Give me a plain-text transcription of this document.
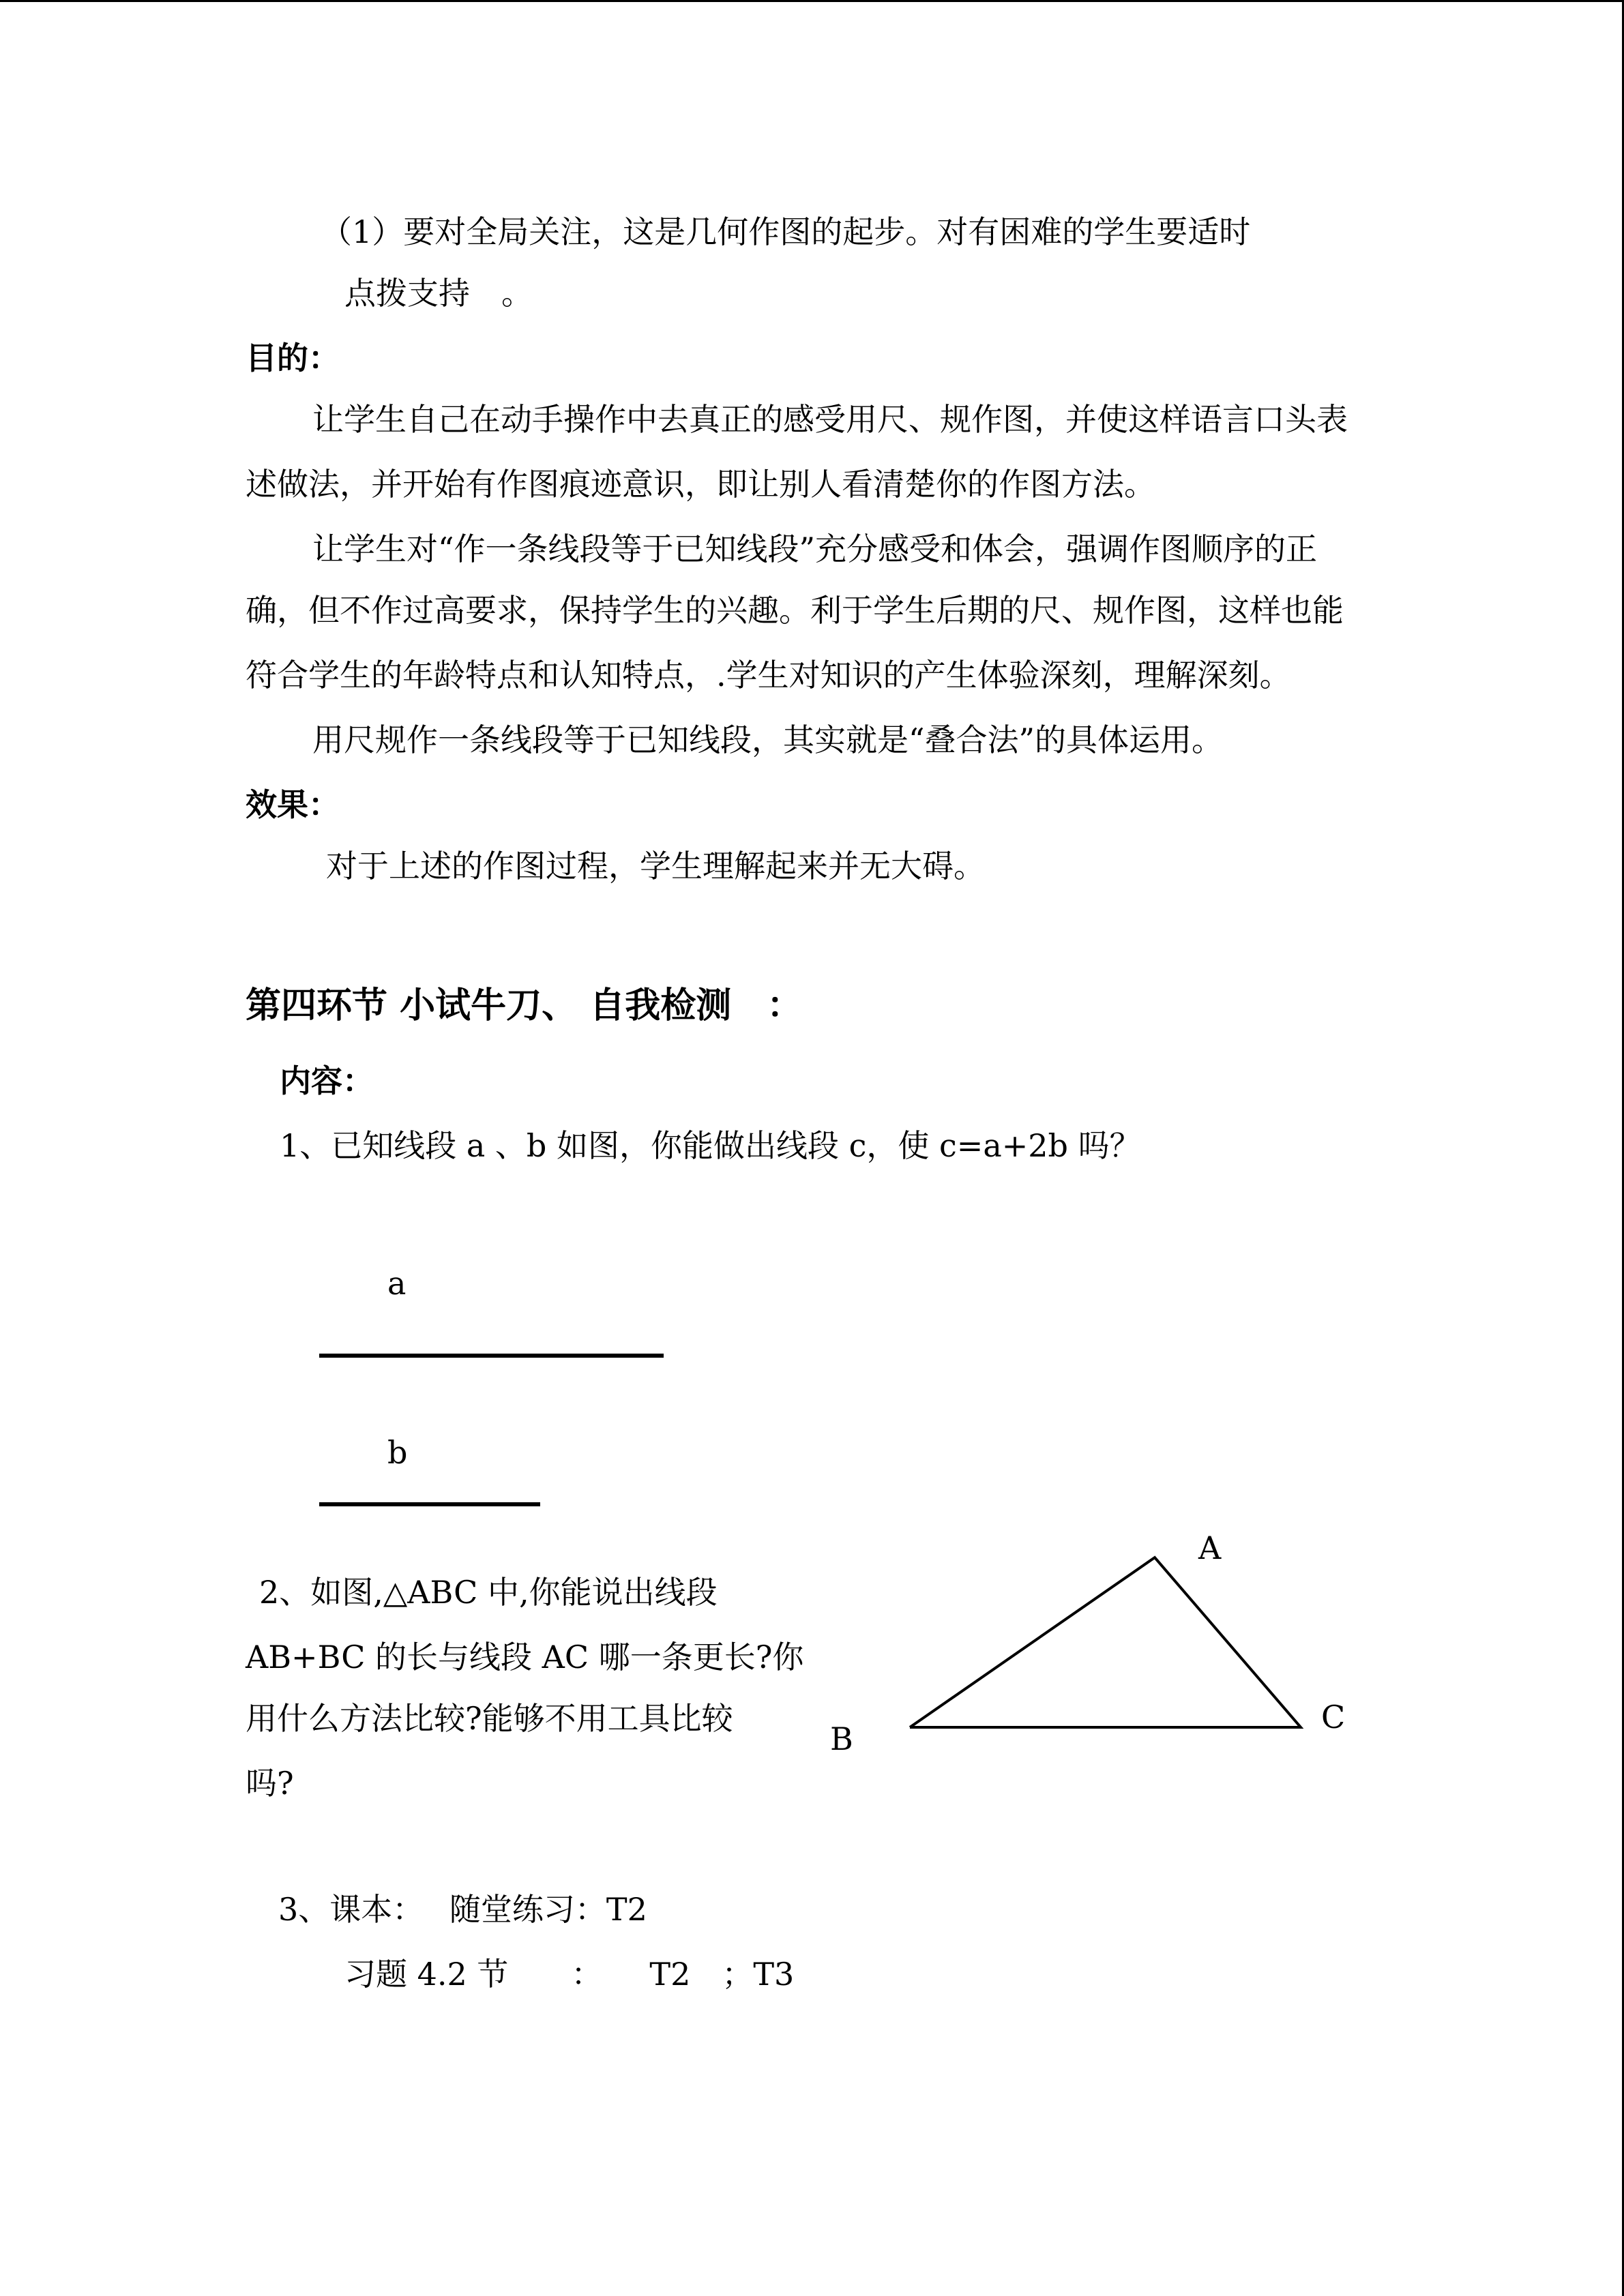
（1）要对全局关注，这是几何作图的起步。对有困难的学生要适时
点拨支持　。
目的：
让学生自己在动手操作中去真正的感受用尺、规作图，并使这样语言口头表
述做法，并开始有作图痕迹意识，即让别人看清楚你的作图方法。
让学生对“作一条线段等于已知线段”充分感受和体会，强调作图顺序的正
确，但不作过高要求，保持学生的兴趣。利于学生后期的尺、规作图，这样也能
符合学生的年龄特点和认知特点，.学生对知识的产生体验深刻，理解深刻。
用尺规作一条线段等于已知线段，其实就是“叠合法”的具体运用。
效果：
对于上述的作图过程，学生理解起来并无大碍。
第四环节 小试牛刀、 自我检测　：
内容：
1、已知线段 a 、b 如图，你能做出线段 c，使 c=a+2b 吗？
a
b
2、如图,△ABC 中,你能说出线段
AB+BC 的长与线段 AC 哪一条更长?你
用什么方法比较?能够不用工具比较
吗?
A
B
C
3、课本：　 随堂练习：T2
习题 4.2 节　　：　　T2　；T3
